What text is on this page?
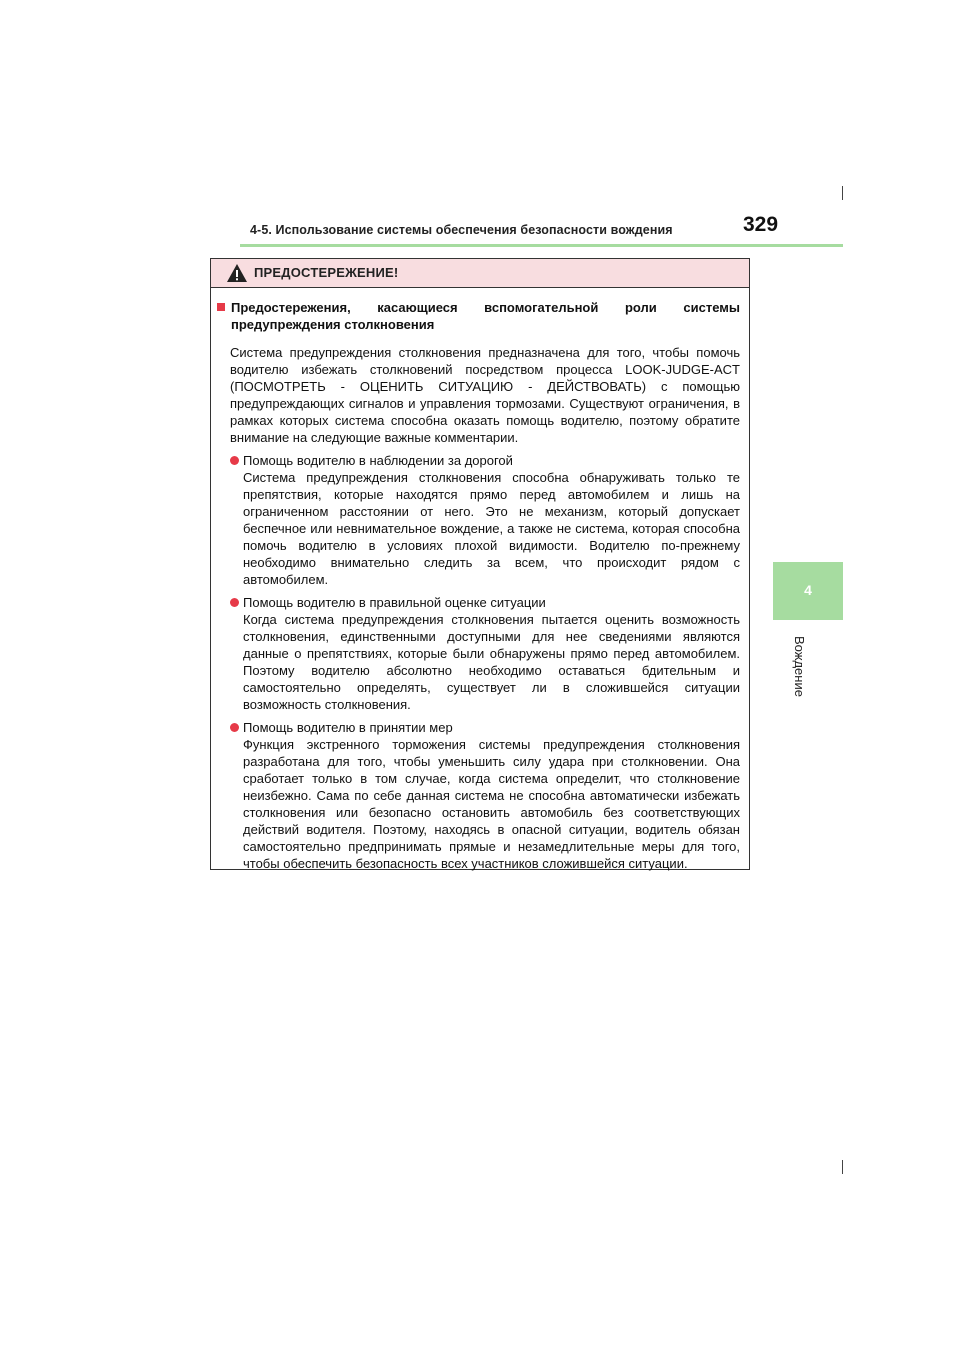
4-5. Использование системы обеспечения безопасности вождения	329
4
Вождение
ПРЕДОСТЕРЕЖЕНИЕ!
Предостережения, касающиеся вспомогательной роли системы предупреждения столкновения
Система предупреждения столкновения предназначена для того, чтобы помочь водителю избежать столкновений посредством процесса LOOK-JUDGE-ACT (ПОСМОТРЕТЬ - ОЦЕНИТЬ СИТУАЦИЮ - ДЕЙСТВОВАТЬ) с помощью предупреждающих сигналов и управления тормозами. Существуют ограничения, в рамках которых система способна оказать помощь водителю, поэтому обратите внимание на следующие важные комментарии.
Помощь водителю в наблюдении за дорогой
Система предупреждения столкновения способна обнаруживать только те препятствия, которые находятся прямо перед автомобилем и лишь на ограниченном расстоянии от него. Это не механизм, который допускает беспечное или невнимательное вождение, а также не система, которая способна помочь водителю в условиях плохой видимости. Водителю по-прежнему необходимо внимательно следить за всем, что происходит рядом с автомобилем.
Помощь водителю в правильной оценке ситуации
Когда система предупреждения столкновения пытается оценить возможность столкновения, единственными доступными для нее сведениями являются данные о препятствиях, которые были обнаружены прямо перед автомобилем. Поэтому водителю абсолютно необходимо оставаться бдительным и самостоятельно определять, существует ли в сложившейся ситуации возможность столкновения.
Помощь водителю в принятии мер
Функция экстренного торможения системы предупреждения столкновения разработана для того, чтобы уменьшить силу удара при столкновении. Она сработает только в том случае, когда система определит, что столкновение неизбежно. Сама по себе данная система не способна автоматически избежать столкновения или безопасно остановить автомобиль без соответствующих действий водителя. Поэтому, находясь в опасной ситуации, водитель обязан самостоятельно предпринимать прямые и незамедлительные меры для того, чтобы обеспечить безопасность всех участников сложившейся ситуации.
